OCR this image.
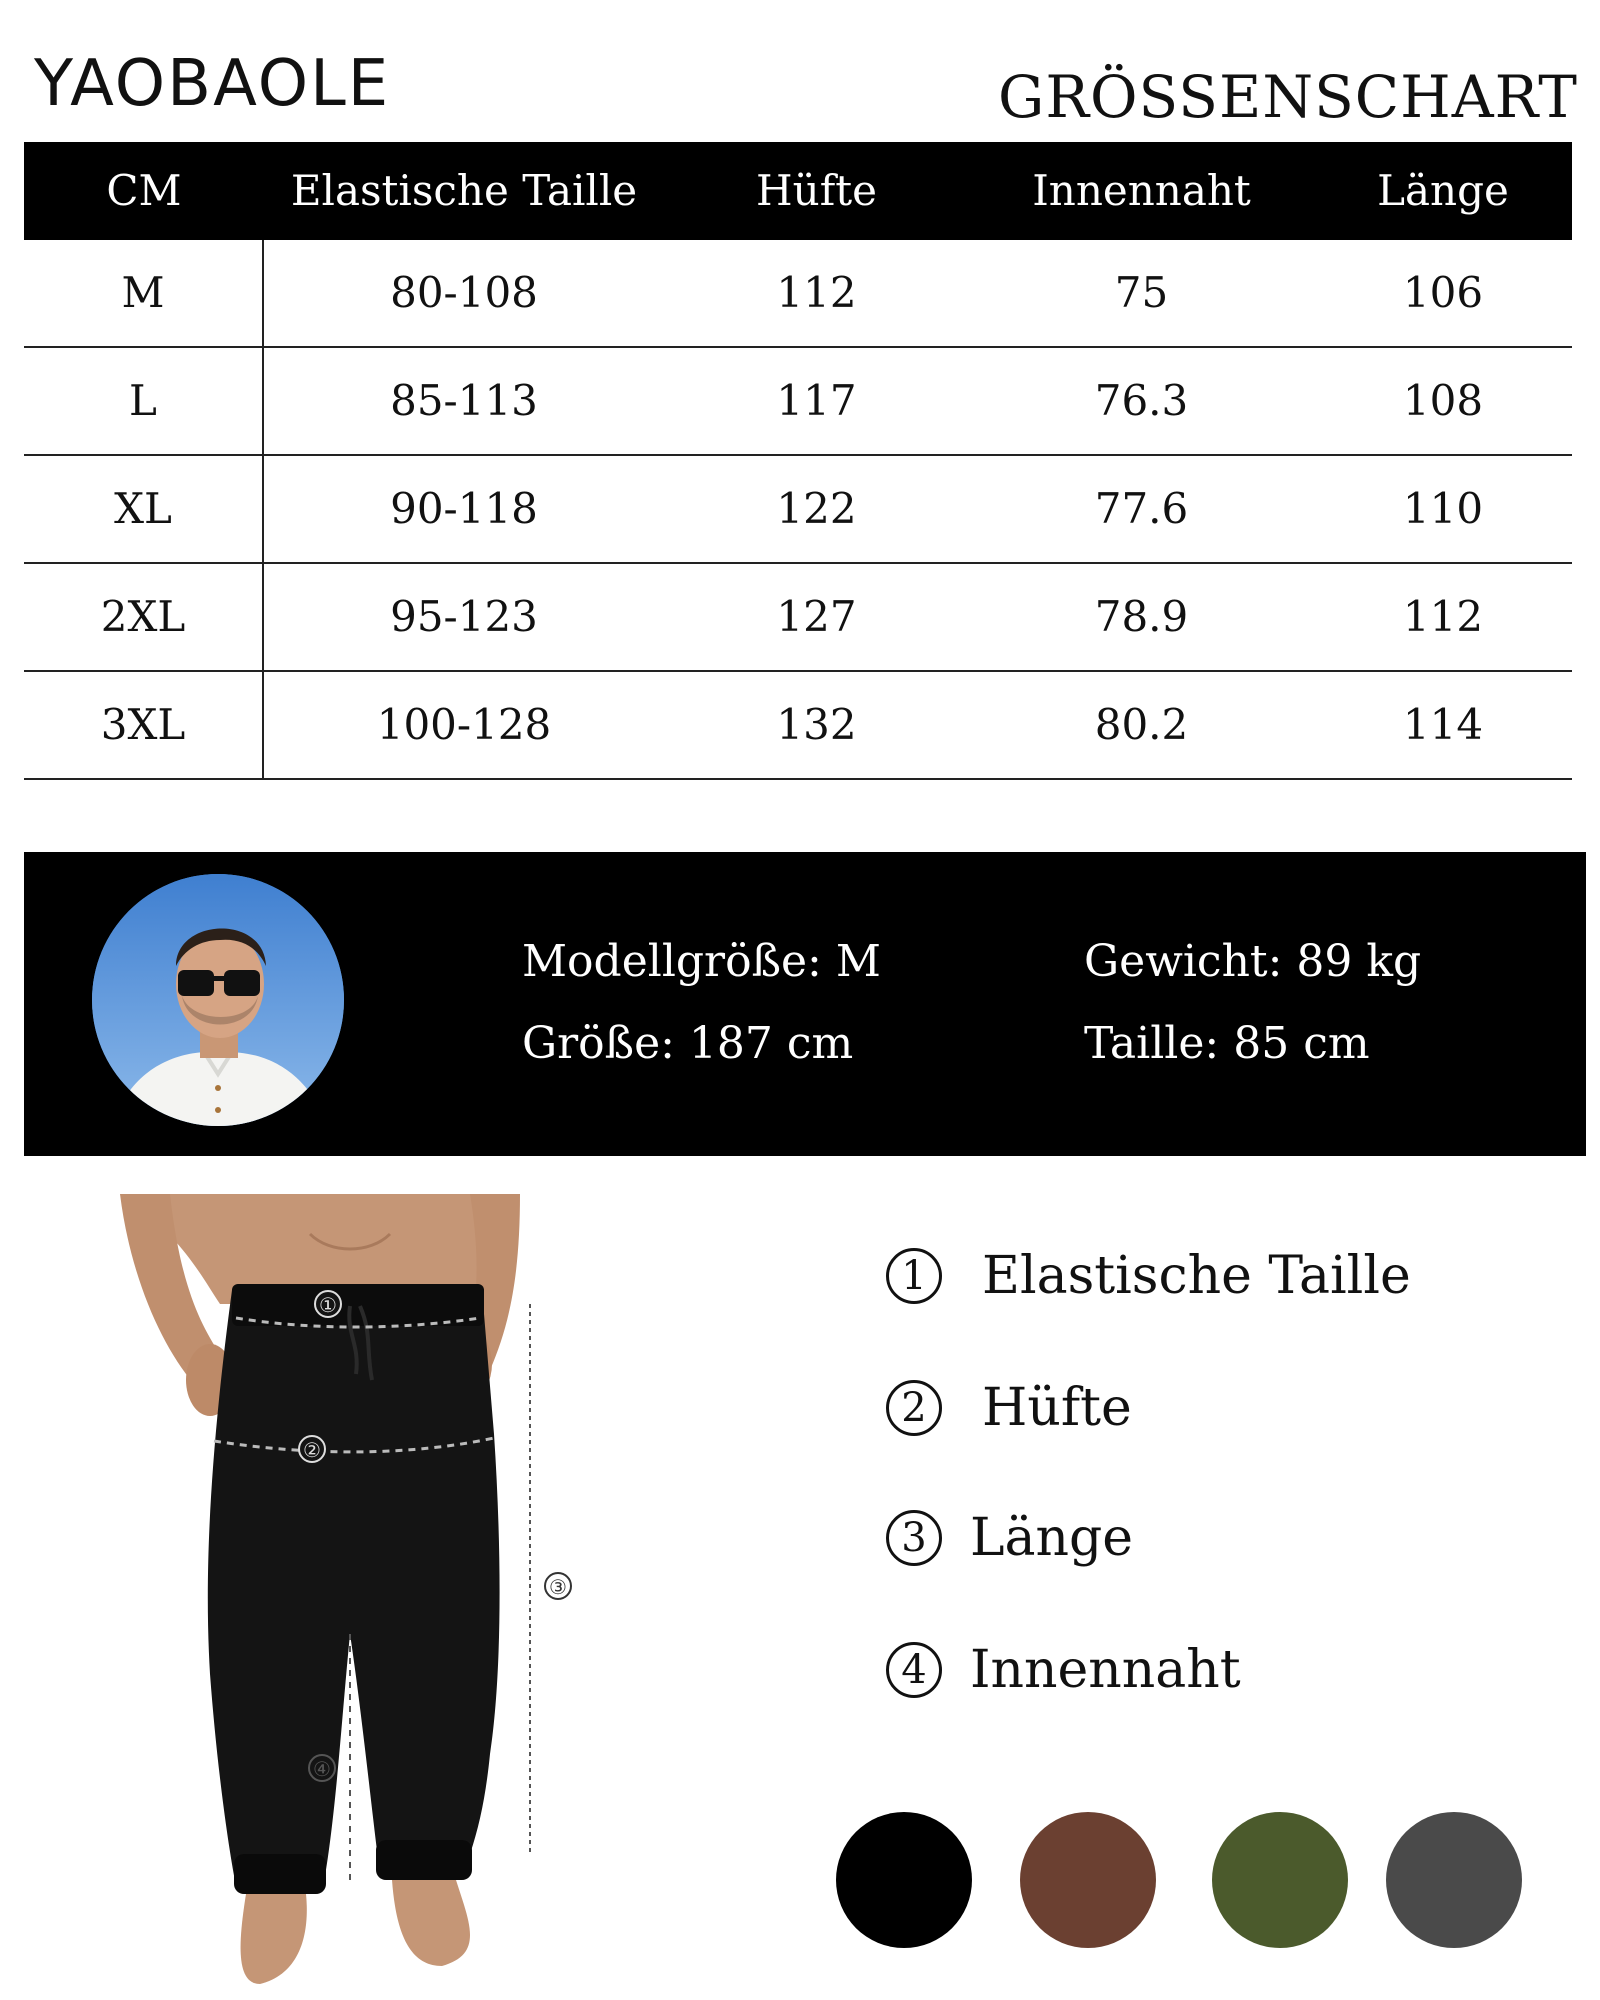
YAOBAOLE	GRÖSSENSCHART
CM	Elastische Taille	Hüfte	Innennaht	Länge
M	80-108	112	75	106
L	85-113	117	76.3	108
XL	90-118	122	77.6	110
2XL	95-123	127	78.9	112
3XL	100-128	132	80.2	114
Modellgröße: M
Größe: 187 cm
Gewicht: 89 kg
Taille: 85 cm
①
②
③
④
1 Elastische Taille
2 Hüfte
3 Länge
4 Innennaht
